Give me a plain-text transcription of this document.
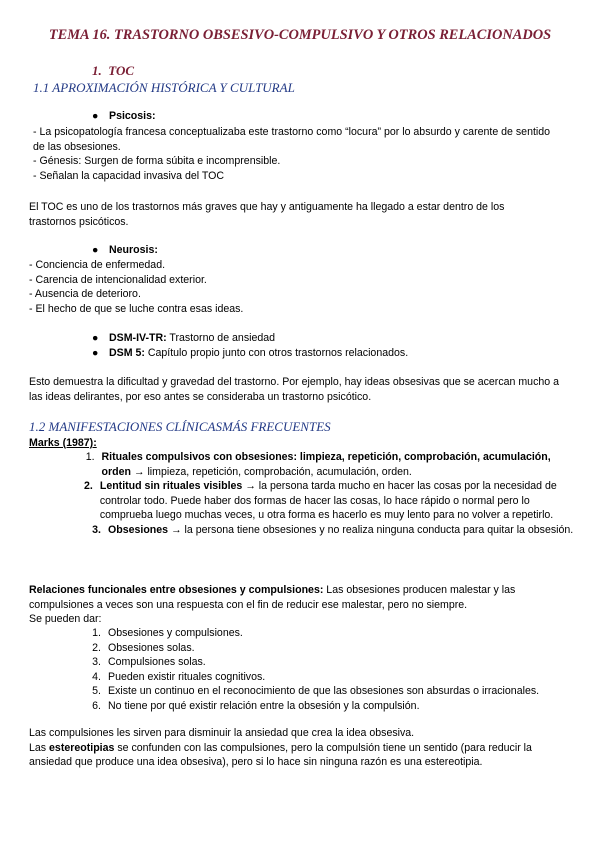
TEMA 16. TRASTORNO OBSESIVO-COMPULSIVO Y OTROS RELACIONADOS
1. TOC
1.1 APROXIMACIÓN HISTÓRICA Y CULTURAL
● Psicosis:

- La psicopatología francesa conceptualizaba este trastorno como “locura” por lo absurdo y carente de sentido de las obsesiones.

- Génesis: Surgen de forma súbita e incomprensible.

- Señalan la capacidad invasiva del TOC

El TOC es uno de los trastornos más graves que hay y antiguamente ha llegado a estar dentro de los trastornos psicóticos.
● Neurosis:

- Conciencia de enfermedad.

- Carencia de intencionalidad exterior.

- Ausencia de deterioro.

- El hecho de que se luche contra esas ideas.

● DSM-IV-TR: Trastorno de ansiedad

● DSM 5: Capítulo propio junto con otros trastornos relacionados.

Esto demuestra la dificultad y gravedad del trastorno. Por ejemplo, hay ideas obsesivas que se acercan mucho a las ideas delirantes, por eso antes se consideraba un trastorno psicótico.
1.2 MANIFESTACIONES CLÍNICASMÁS FRECUENTES
Marks (1987):
1. Rituales compulsivos con obsesiones: limpieza, repetición, comprobación, acumulación, orden → limpieza, repetición, comprobación, acumulación, orden.

2. Lentitud sin rituales visibles → la persona tarda mucho en hacer las cosas por la necesidad de controlar todo. Puede haber dos formas de hacer las cosas, lo hace rápido o normal pero lo comprueba luego muchas veces, u otra forma es hacerlo es muy lento para no volver a repetirlo.

3. Obsesiones → la persona tiene obsesiones y no realiza ninguna conducta para quitar la obsesión.

Relaciones funcionales entre obsesiones y compulsiones: Las obsesiones producen malestar y las compulsiones a veces son una respuesta con el fin de reducir ese malestar, pero no siempre.

Se pueden dar:

1. Obsesiones y compulsiones.
2. Obsesiones solas.
3. Compulsiones solas.
4. Pueden existir rituales cognitivos.
5. Existe un continuo en el reconocimiento de que las obsesiones son absurdas o irracionales.
6. No tiene por qué existir relación entre la obsesión y la compulsión.

Las compulsiones les sirven para disminuir la ansiedad que crea la idea obsesiva.

Las estereotipias se confunden con las compulsiones, pero la compulsión tiene un sentido (para reducir la ansiedad que produce una idea obsesiva), pero si lo hace sin ninguna razón es una estereotipia.
